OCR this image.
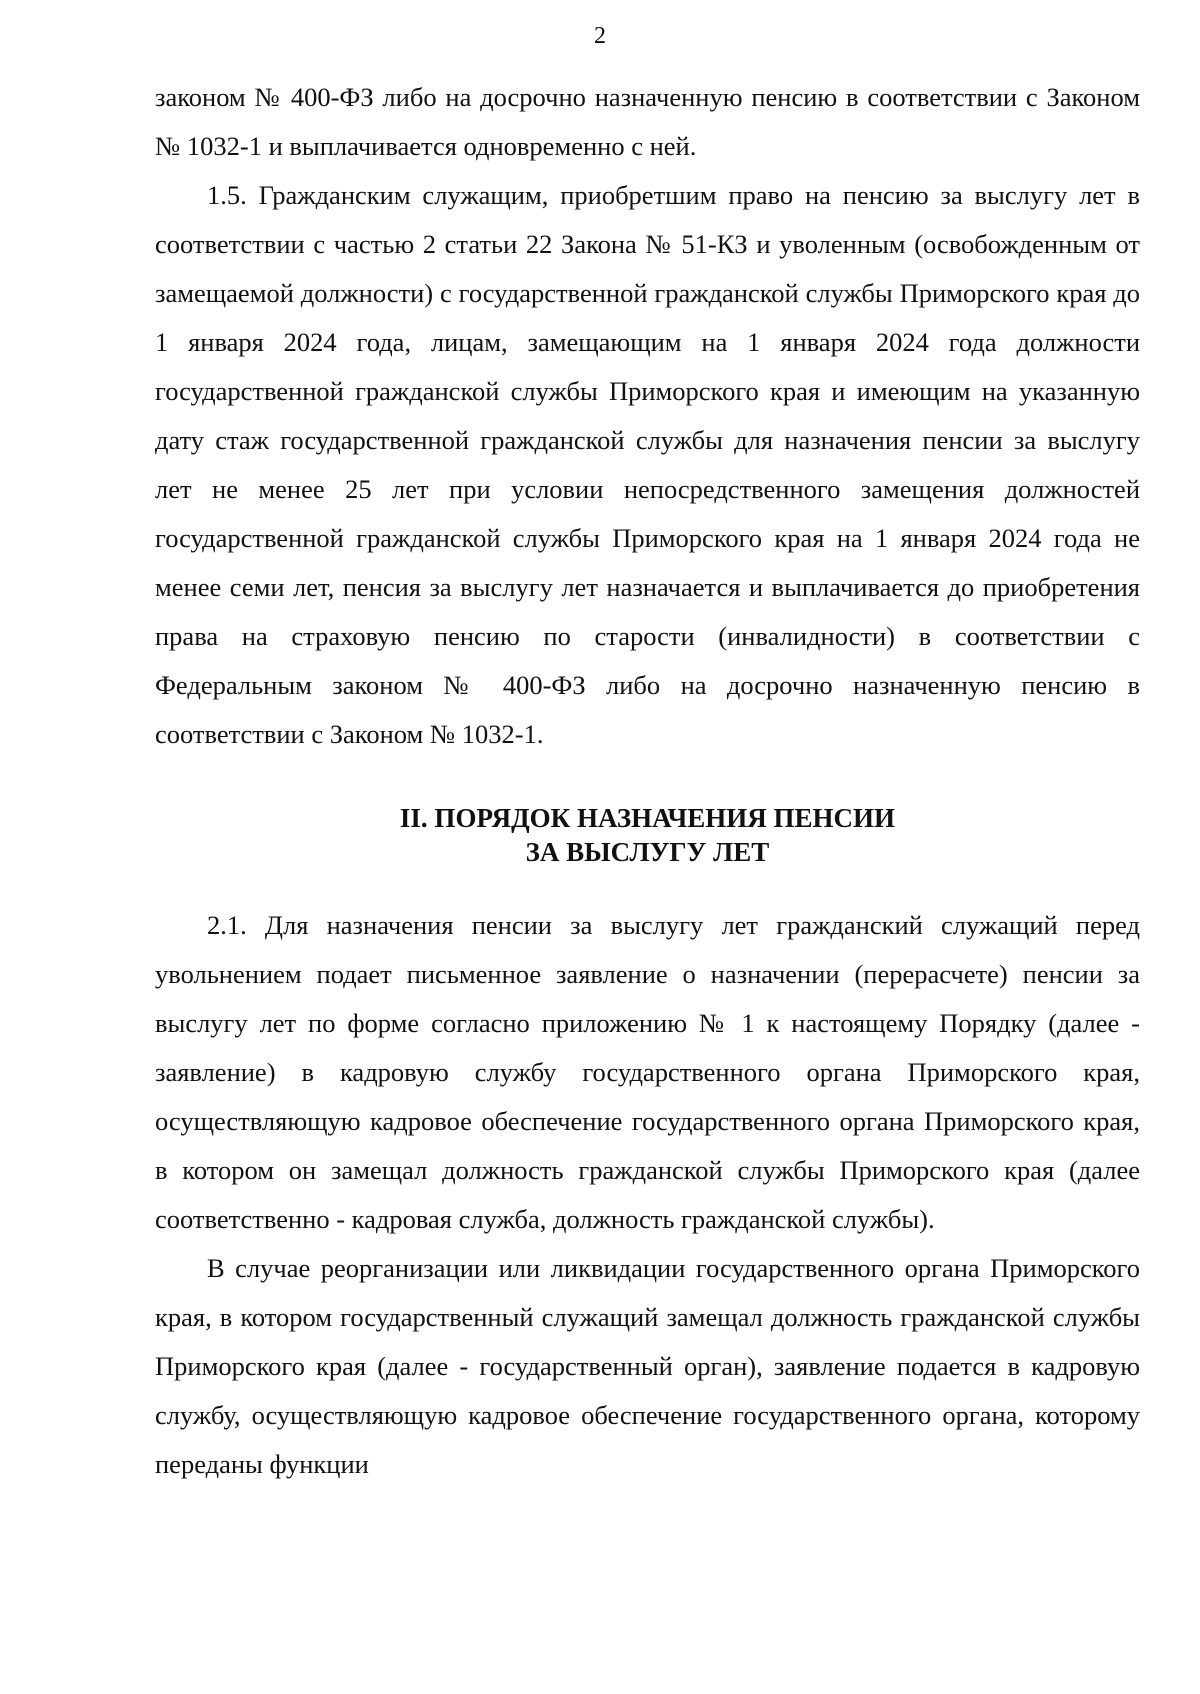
2

законом № 400-ФЗ либо на досрочно назначенную пенсию в соответствии с Законом № 1032-1 и выплачивается одновременно с ней.

1.5. Гражданским служащим, приобретшим право на пенсию за выслугу лет в соответствии с частью 2 статьи 22 Закона № 51-КЗ и уволенным (освобожденным от замещаемой должности) с государственной гражданской службы Приморского края до 1 января 2024 года, лицам, замещающим на 1 января 2024 года должности государственной гражданской службы Приморского края и имеющим на указанную дату стаж государственной гражданской службы для назначения пенсии за выслугу лет не менее 25 лет при условии непосредственного замещения должностей государственной гражданской службы Приморского края на 1 января 2024 года не менее семи лет, пенсия за выслугу лет назначается и выплачивается до приобретения права на страховую пенсию по старости (инвалидности) в соответствии с Федеральным законом № 400-ФЗ либо на досрочно назначенную пенсию в соответствии с Законом № 1032-1.

II. ПОРЯДОК НАЗНАЧЕНИЯ ПЕНСИИ
ЗА ВЫСЛУГУ ЛЕТ

2.1. Для назначения пенсии за выслугу лет гражданский служащий перед увольнением подает письменное заявление о назначении (перерасчете) пенсии за выслугу лет по форме согласно приложению № 1 к настоящему Порядку (далее - заявление) в кадровую службу государственного органа Приморского края, осуществляющую кадровое обеспечение государственного органа Приморского края, в котором он замещал должность гражданской службы Приморского края (далее соответственно - кадровая служба, должность гражданской службы).

В случае реорганизации или ликвидации государственного органа Приморского края, в котором государственный служащий замещал должность гражданской службы Приморского края (далее - государственный орган), заявление подается в кадровую службу, осуществляющую кадровое обеспечение государственного органа, которому переданы функции
